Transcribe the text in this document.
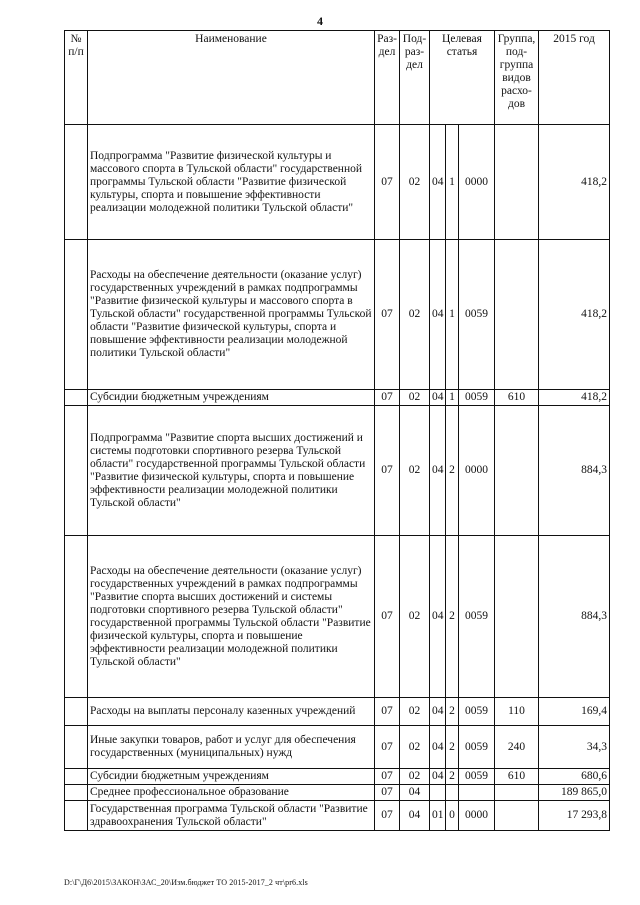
4
№ п/п	Наименование	Раз-дел	Под-раз-дел	Целевая статья			Группа, под-группа видов расхо-дов	2015 год
	Подпрограмма "Развитие физической культуры и массового спорта в Тульской области" государственной программы Тульской области "Развитие физической культуры, спорта и повышение эффективности реализации молодежной политики Тульской области"	07	02	04	1	0000		418,2
	Расходы на обеспечение деятельности (оказание услуг) государственных учреждений в рамках подпрограммы "Развитие физической культуры и массового спорта в Тульской области" государственной программы Тульской области "Развитие физической культуры, спорта и повышение эффективности реализации молодежной политики Тульской области"	07	02	04	1	0059		418,2
	Субсидии бюджетным учреждениям	07	02	04	1	0059	610	418,2
	Подпрограмма "Развитие спорта высших достижений и системы подготовки спортивного резерва Тульской области" государственной программы Тульской области "Развитие физической культуры, спорта и повышение эффективности реализации молодежной политики Тульской области"	07	02	04	2	0000		884,3
	Расходы на обеспечение деятельности (оказание услуг) государственных учреждений в рамках подпрограммы "Развитие спорта высших достижений и системы подготовки спортивного резерва Тульской области" государственной программы Тульской области "Развитие физической культуры, спорта и повышение эффективности реализации молодежной политики Тульской области"	07	02	04	2	0059		884,3
	Расходы на выплаты персоналу казенных учреждений	07	02	04	2	0059	110	169,4
	Иные закупки товаров, работ и услуг для обеспечения государственных (муниципальных) нужд	07	02	04	2	0059	240	34,3
	Субсидии бюджетным учреждениям	07	02	04	2	0059	610	680,6
	Среднее профессиональное образование	07	04					189 865,0
	Государственная программа Тульской области "Развитие здравоохранения Тульской области"	07	04	01	0	0000		17 293,8
D:\Г\Д6\2015\ЗАКОН\ЗАС_20\Изм.бюджет ТО 2015-2017_2 чт\pr6.xls
